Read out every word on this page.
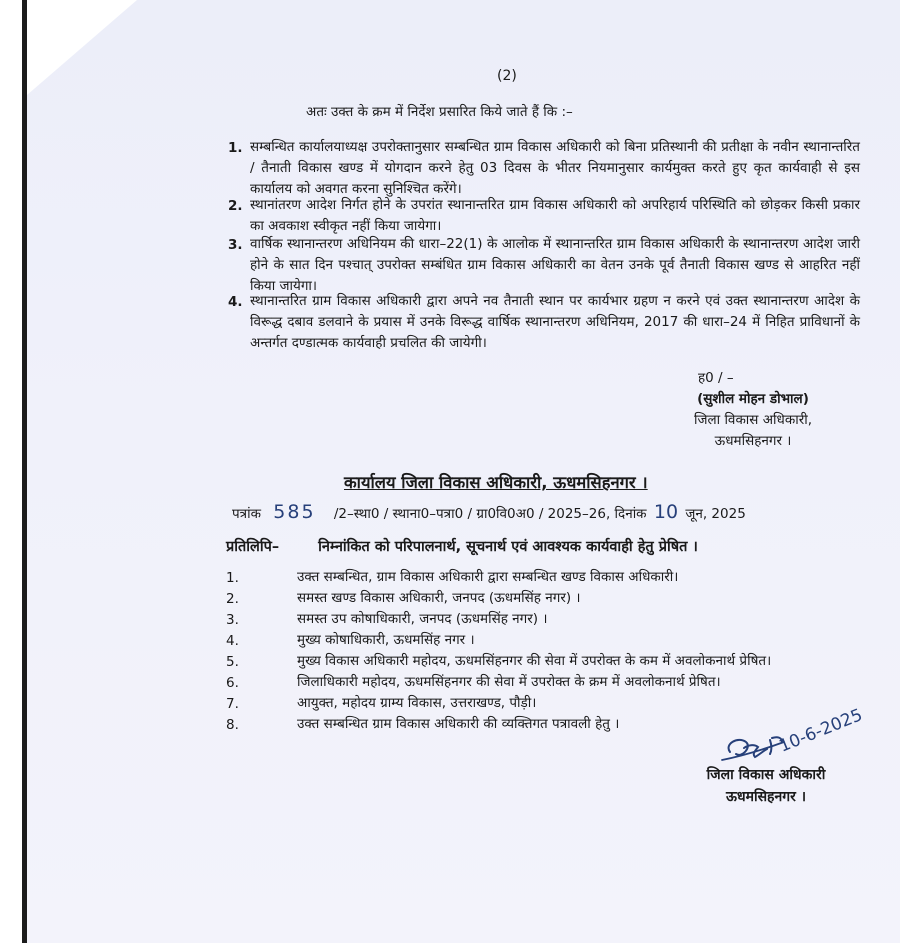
(2)
अतः उक्त के क्रम में निर्देश प्रसारित किये जाते हैं कि :–
1. सम्बन्धित कार्यालयाध्यक्ष उपरोक्तानुसार सम्बन्धित ग्राम विकास अधिकारी को बिना प्रतिस्थानी की प्रतीक्षा के नवीन स्थानान्तरित / तैनाती विकास खण्ड में योगदान करने हेतु 03 दिवस के भीतर नियमानुसार कार्यमुक्त करते हुए कृत कार्यवाही से इस कार्यालय को अवगत करना सुनिश्चित करेंगे।
2. स्थानांतरण आदेश निर्गत होने के उपरांत स्थानान्तरित ग्राम विकास अधिकारी को अपरिहार्य परिस्थिति को छोड़कर किसी प्रकार का अवकाश स्वीकृत नहीं किया जायेगा।
3. वार्षिक स्थानान्तरण अधिनियम की धारा–22(1) के आलोक में स्थानान्तरित ग्राम विकास अधिकारी के स्थानान्तरण आदेश जारी होने के सात दिन पश्चात् उपरोक्त सम्बंधित ग्राम विकास अधिकारी का वेतन उनके पूर्व तैनाती विकास खण्ड से आहरित नहीं किया जायेगा।
4. स्थानान्तरित ग्राम विकास अधिकारी द्वारा अपने नव तैनाती स्थान पर कार्यभार ग्रहण न करने एवं उक्त स्थानान्तरण आदेश के विरूद्ध दबाव डलवाने के प्रयास में उनके विरूद्ध वार्षिक स्थानान्तरण अधिनियम, 2017 की धारा–24 में निहित प्राविधानों के अन्तर्गत दण्डात्मक कार्यवाही प्रचलित की जायेगी।
ह0 / –
(सुशील मोहन डोभाल)
जिला विकास अधिकारी,
ऊधमसिहनगर ।
कार्यालय जिला विकास अधिकारी, ऊधमसिहनगर ।
पत्रांक 585 /2–स्था0 / स्थाना0–पत्रा0 / ग्रा0वि0अ0 / 2025–26, दिनांक 10 जून, 2025
प्रतिलिपि–	निम्नांकित को परिपालनार्थ, सूचनार्थ एवं आवश्यक कार्यवाही हेतु प्रेषित ।
1.	उक्त सम्बन्धित, ग्राम विकास अधिकारी द्वारा सम्बन्धित खण्ड विकास अधिकारी।
2.	समस्त खण्ड विकास अधिकारी, जनपद (ऊधमसिंह नगर) ।
3.	समस्त उप कोषाधिकारी, जनपद (ऊधमसिंह नगर) ।
4.	मुख्य कोषाधिकारी, ऊधमसिंह नगर ।
5.	मुख्य विकास अधिकारी महोदय, ऊधमसिंहनगर की सेवा में उपरोक्त के कम में अवलोकनार्थ प्रेषित।
6.	जिलाधिकारी महोदय, ऊधमसिंहनगर की सेवा में उपरोक्त के क्रम में अवलोकनार्थ प्रेषित।
7.	आयुक्त, महोदय ग्राम्य विकास, उत्तराखण्ड, पौड़ी।
8.	उक्त सम्बन्धित ग्राम विकास अधिकारी की व्यक्तिगत पत्रावली हेतु ।	10-6-2025
जिला विकास अधिकारी
ऊधमसिहनगर ।
